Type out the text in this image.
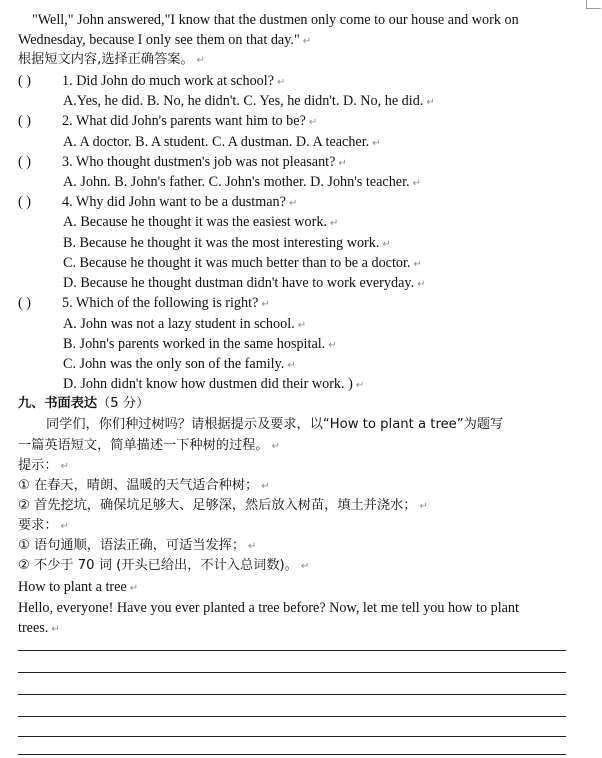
"Well," John answered,"I know that the dustmen only come to our house and work on
Wednesday, because I only see them on that day." ↵
根据短文内容,选择正确答案。 ↵
( ) 1. Did John do much work at school? ↵
A.Yes, he did. B. No, he didn't. C. Yes, he didn't. D. No, he did. ↵
( ) 2. What did John's parents want him to be? ↵
A. A doctor. B. A student. C. A dustman. D. A teacher. ↵
( ) 3. Who thought dustmen's job was not pleasant? ↵
A. John. B. John's father. C. John's mother. D. John's teacher. ↵
( ) 4. Why did John want to be a dustman? ↵
A. Because he thought it was the easiest work. ↵
B. Because he thought it was the most interesting work. ↵
C. Because he thought it was much better than to be a doctor. ↵
D. Because he thought dustman didn't have to work everyday. ↵
( ) 5. Which of the following is right? ↵
A. John was not a lazy student in school. ↵
B. John's parents worked in the same hospital. ↵
C. John was the only son of the family. ↵
D. John didn't know how dustmen did their work. ) ↵
九、书面表达（5 分）
同学们，你们种过树吗？请根据提示及要求，以“How to plant a tree”为题写
一篇英语短文，简单描述一下种树的过程。 ↵
提示： ↵
① 在春天，晴朗、温暖的天气适合种树； ↵
② 首先挖坑，确保坑足够大、足够深，然后放入树苗，填土并浇水； ↵
要求： ↵
① 语句通顺，语法正确，可适当发挥； ↵
② 不少于 70 词 (开头已给出，不计入总词数)。 ↵
How to plant a tree ↵
Hello, everyone! Have you ever planted a tree before? Now, let me tell you how to plant
trees. ↵
